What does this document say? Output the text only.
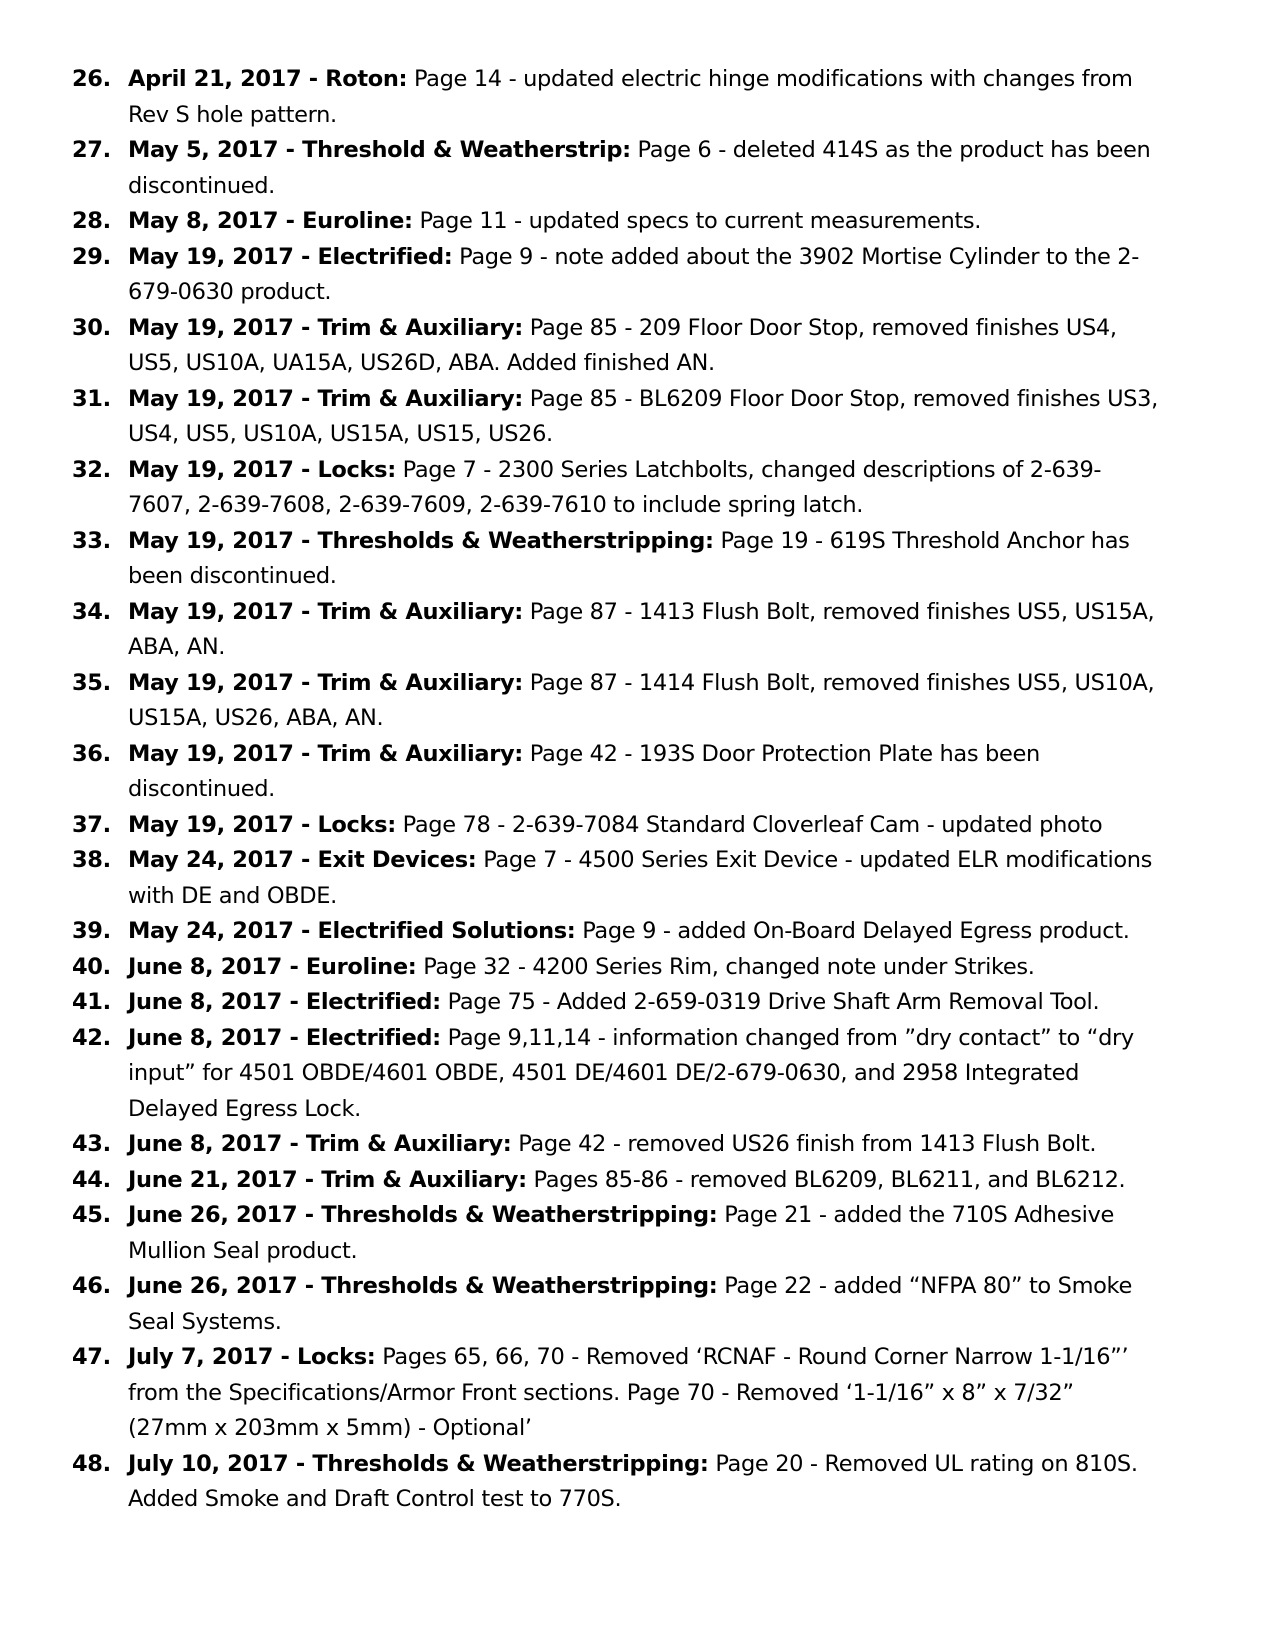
26. April 21, 2017 - Roton: Page 14 - updated electric hinge modifications with changes from Rev S hole pattern.
27. May 5, 2017 - Threshold & Weatherstrip: Page 6 - deleted 414S as the product has been discontinued.
28. May 8, 2017 - Euroline: Page 11 - updated specs to current measurements.
29. May 19, 2017 - Electrified: Page 9 - note added about the 3902 Mortise Cylinder to the 2-679-0630 product.
30. May 19, 2017 - Trim & Auxiliary: Page 85 - 209 Floor Door Stop, removed finishes US4, US5, US10A, UA15A, US26D, ABA. Added finished AN.
31. May 19, 2017 - Trim & Auxiliary: Page 85 - BL6209 Floor Door Stop, removed finishes US3, US4, US5, US10A, US15A, US15, US26.
32. May 19, 2017 - Locks: Page 7 - 2300 Series Latchbolts, changed descriptions of 2-639-7607, 2-639-7608, 2-639-7609, 2-639-7610 to include spring latch.
33. May 19, 2017 - Thresholds & Weatherstripping: Page 19 - 619S Threshold Anchor has been discontinued.
34. May 19, 2017 - Trim & Auxiliary: Page 87 - 1413 Flush Bolt, removed finishes US5, US15A, ABA, AN.
35. May 19, 2017 - Trim & Auxiliary: Page 87 - 1414 Flush Bolt, removed finishes US5, US10A, US15A, US26, ABA, AN.
36. May 19, 2017 - Trim & Auxiliary: Page 42 - 193S Door Protection Plate has been discontinued.
37. May 19, 2017 - Locks: Page 78 - 2-639-7084 Standard Cloverleaf Cam - updated photo
38. May 24, 2017 - Exit Devices: Page 7 - 4500 Series Exit Device - updated ELR modifications with DE and OBDE.
39. May 24, 2017 - Electrified Solutions: Page 9 - added On-Board Delayed Egress product.
40. June 8, 2017 - Euroline: Page 32 - 4200 Series Rim, changed note under Strikes.
41. June 8, 2017 - Electrified: Page 75 - Added 2-659-0319 Drive Shaft Arm Removal Tool.
42. June 8, 2017 - Electrified: Page 9,11,14 - information changed from ”dry contact” to “dry input” for 4501 OBDE/4601 OBDE, 4501 DE/4601 DE/2-679-0630, and 2958 Integrated Delayed Egress Lock.
43. June 8, 2017 - Trim & Auxiliary: Page 42 - removed US26 finish from 1413 Flush Bolt.
44. June 21, 2017 - Trim & Auxiliary: Pages 85-86 - removed BL6209, BL6211, and BL6212.
45. June 26, 2017 - Thresholds & Weatherstripping: Page 21 - added the 710S Adhesive Mullion Seal product.
46. June 26, 2017 - Thresholds & Weatherstripping: Page 22 - added “NFPA 80” to Smoke Seal Systems.
47. July 7, 2017 - Locks: Pages 65, 66, 70 - Removed ‘RCNAF - Round Corner Narrow 1-1/16”’ from the Specifications/Armor Front sections. Page 70 - Removed ‘1-1/16” x 8” x 7/32” (27mm x 203mm x 5mm) - Optional’
48. July 10, 2017 - Thresholds & Weatherstripping: Page 20 - Removed UL rating on 810S. Added Smoke and Draft Control test to 770S.
